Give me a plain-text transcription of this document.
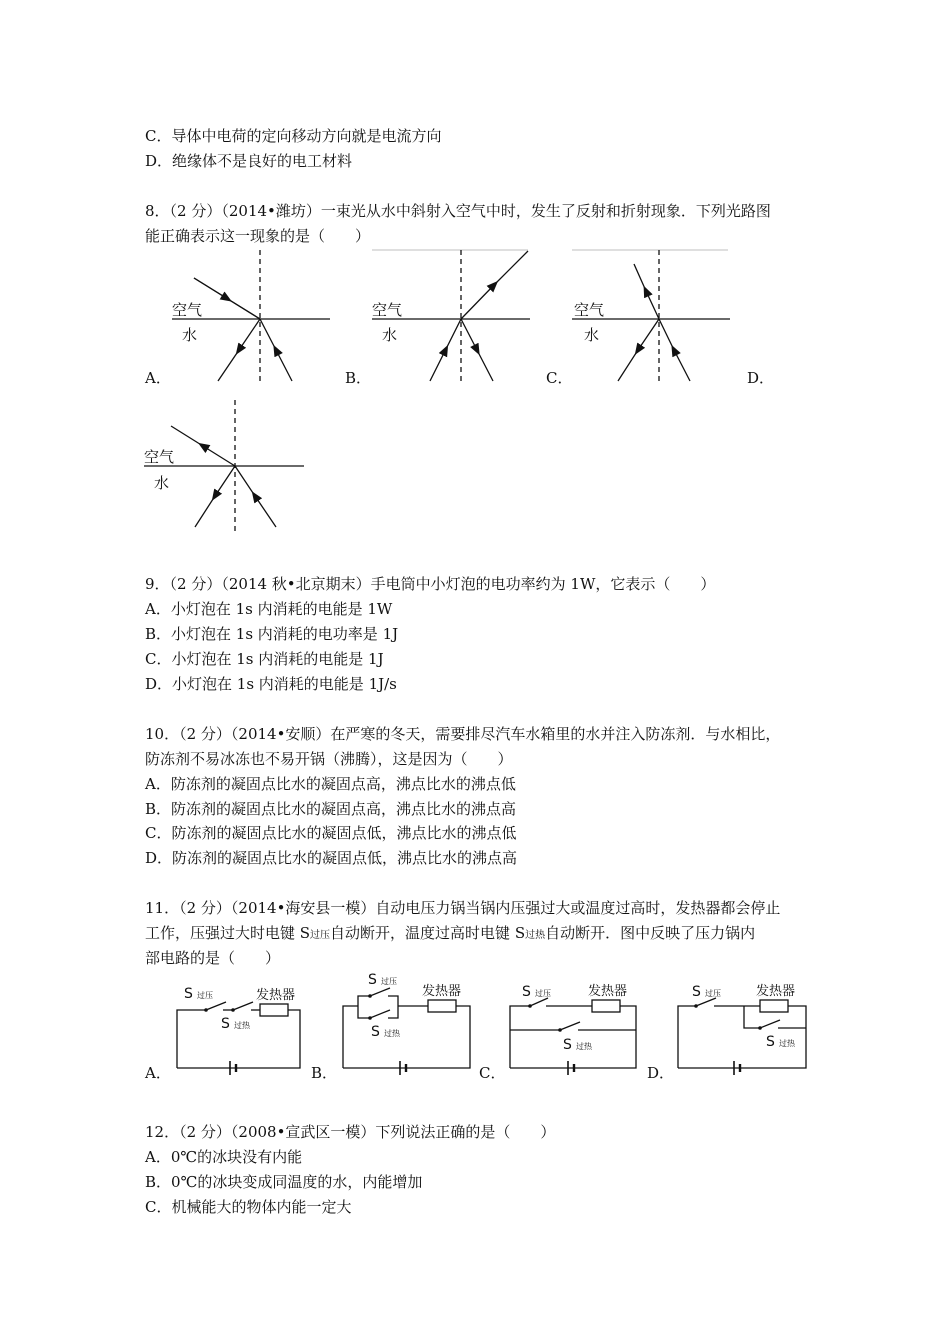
C．导体中电荷的定向移动方向就是电流方向
D．绝缘体不是良好的电工材料
8．（2 分）（2014•潍坊）一束光从水中斜射入空气中时，发生了反射和折射现象．下列光路图
能正确表示这一现象的是（　　）
空气
水
空气
水
空气
水
空气
水
A．	B．	C．	D．
9．（2 分）（2014 秋•北京期末）手电筒中小灯泡的电功率约为 1W，它表示（　　）
A．小灯泡在 1s 内消耗的电能是 1W
B．小灯泡在 1s 内消耗的电功率是 1J
C．小灯泡在 1s 内消耗的电能是 1J
D．小灯泡在 1s 内消耗的电能是 1J/s
10．（2 分）（2014•安顺）在严寒的冬天，需要排尽汽车水箱里的水并注入防冻剂．与水相比，
防冻剂不易冰冻也不易开锅（沸腾），这是因为（　　）
A．防冻剂的凝固点比水的凝固点高，沸点比水的沸点低
B．防冻剂的凝固点比水的凝固点高，沸点比水的沸点高
C．防冻剂的凝固点比水的凝固点低，沸点比水的沸点低
D．防冻剂的凝固点比水的凝固点低，沸点比水的沸点高
11．（2 分）（2014•海安县一模）自动电压力锅当锅内压强过大或温度过高时，发热器都会停止
工作，压强过大时电键 S过压自动断开，温度过高时电键 S过热自动断开．图中反映了压力锅内
部电路的是（　　）
S 过压
S 过热
发热器
S 过压
S 过热
发热器	S 过压
S 过热
发热器	S 过压
S 过热
发热器
A．	B．	C．	D．
12．（2 分）（2008•宣武区一模）下列说法正确的是（　　）
A．0℃的冰块没有内能
B．0℃的冰块变成同温度的水，内能增加
C．机械能大的物体内能一定大
